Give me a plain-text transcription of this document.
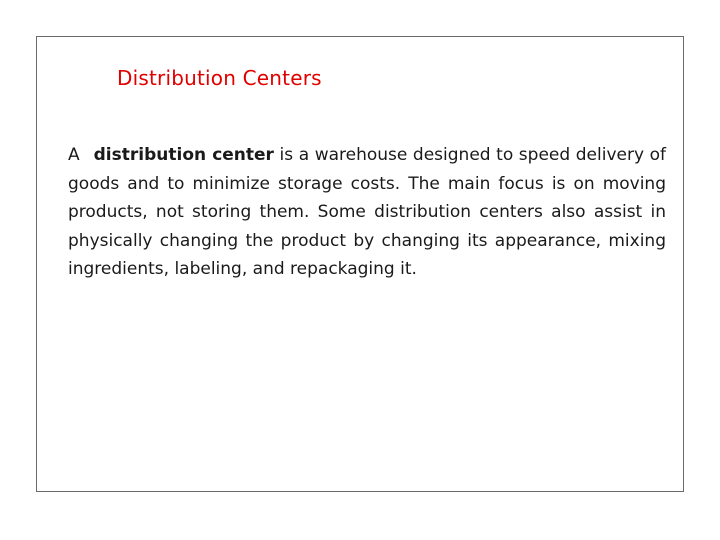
Distribution Centers

A distribution center is a warehouse designed to speed delivery of goods and to minimize storage costs. The main focus is on moving products, not storing them. Some distribution centers also assist in physically changing the product by changing its appearance, mixing ingredients, labeling, and repackaging it.
